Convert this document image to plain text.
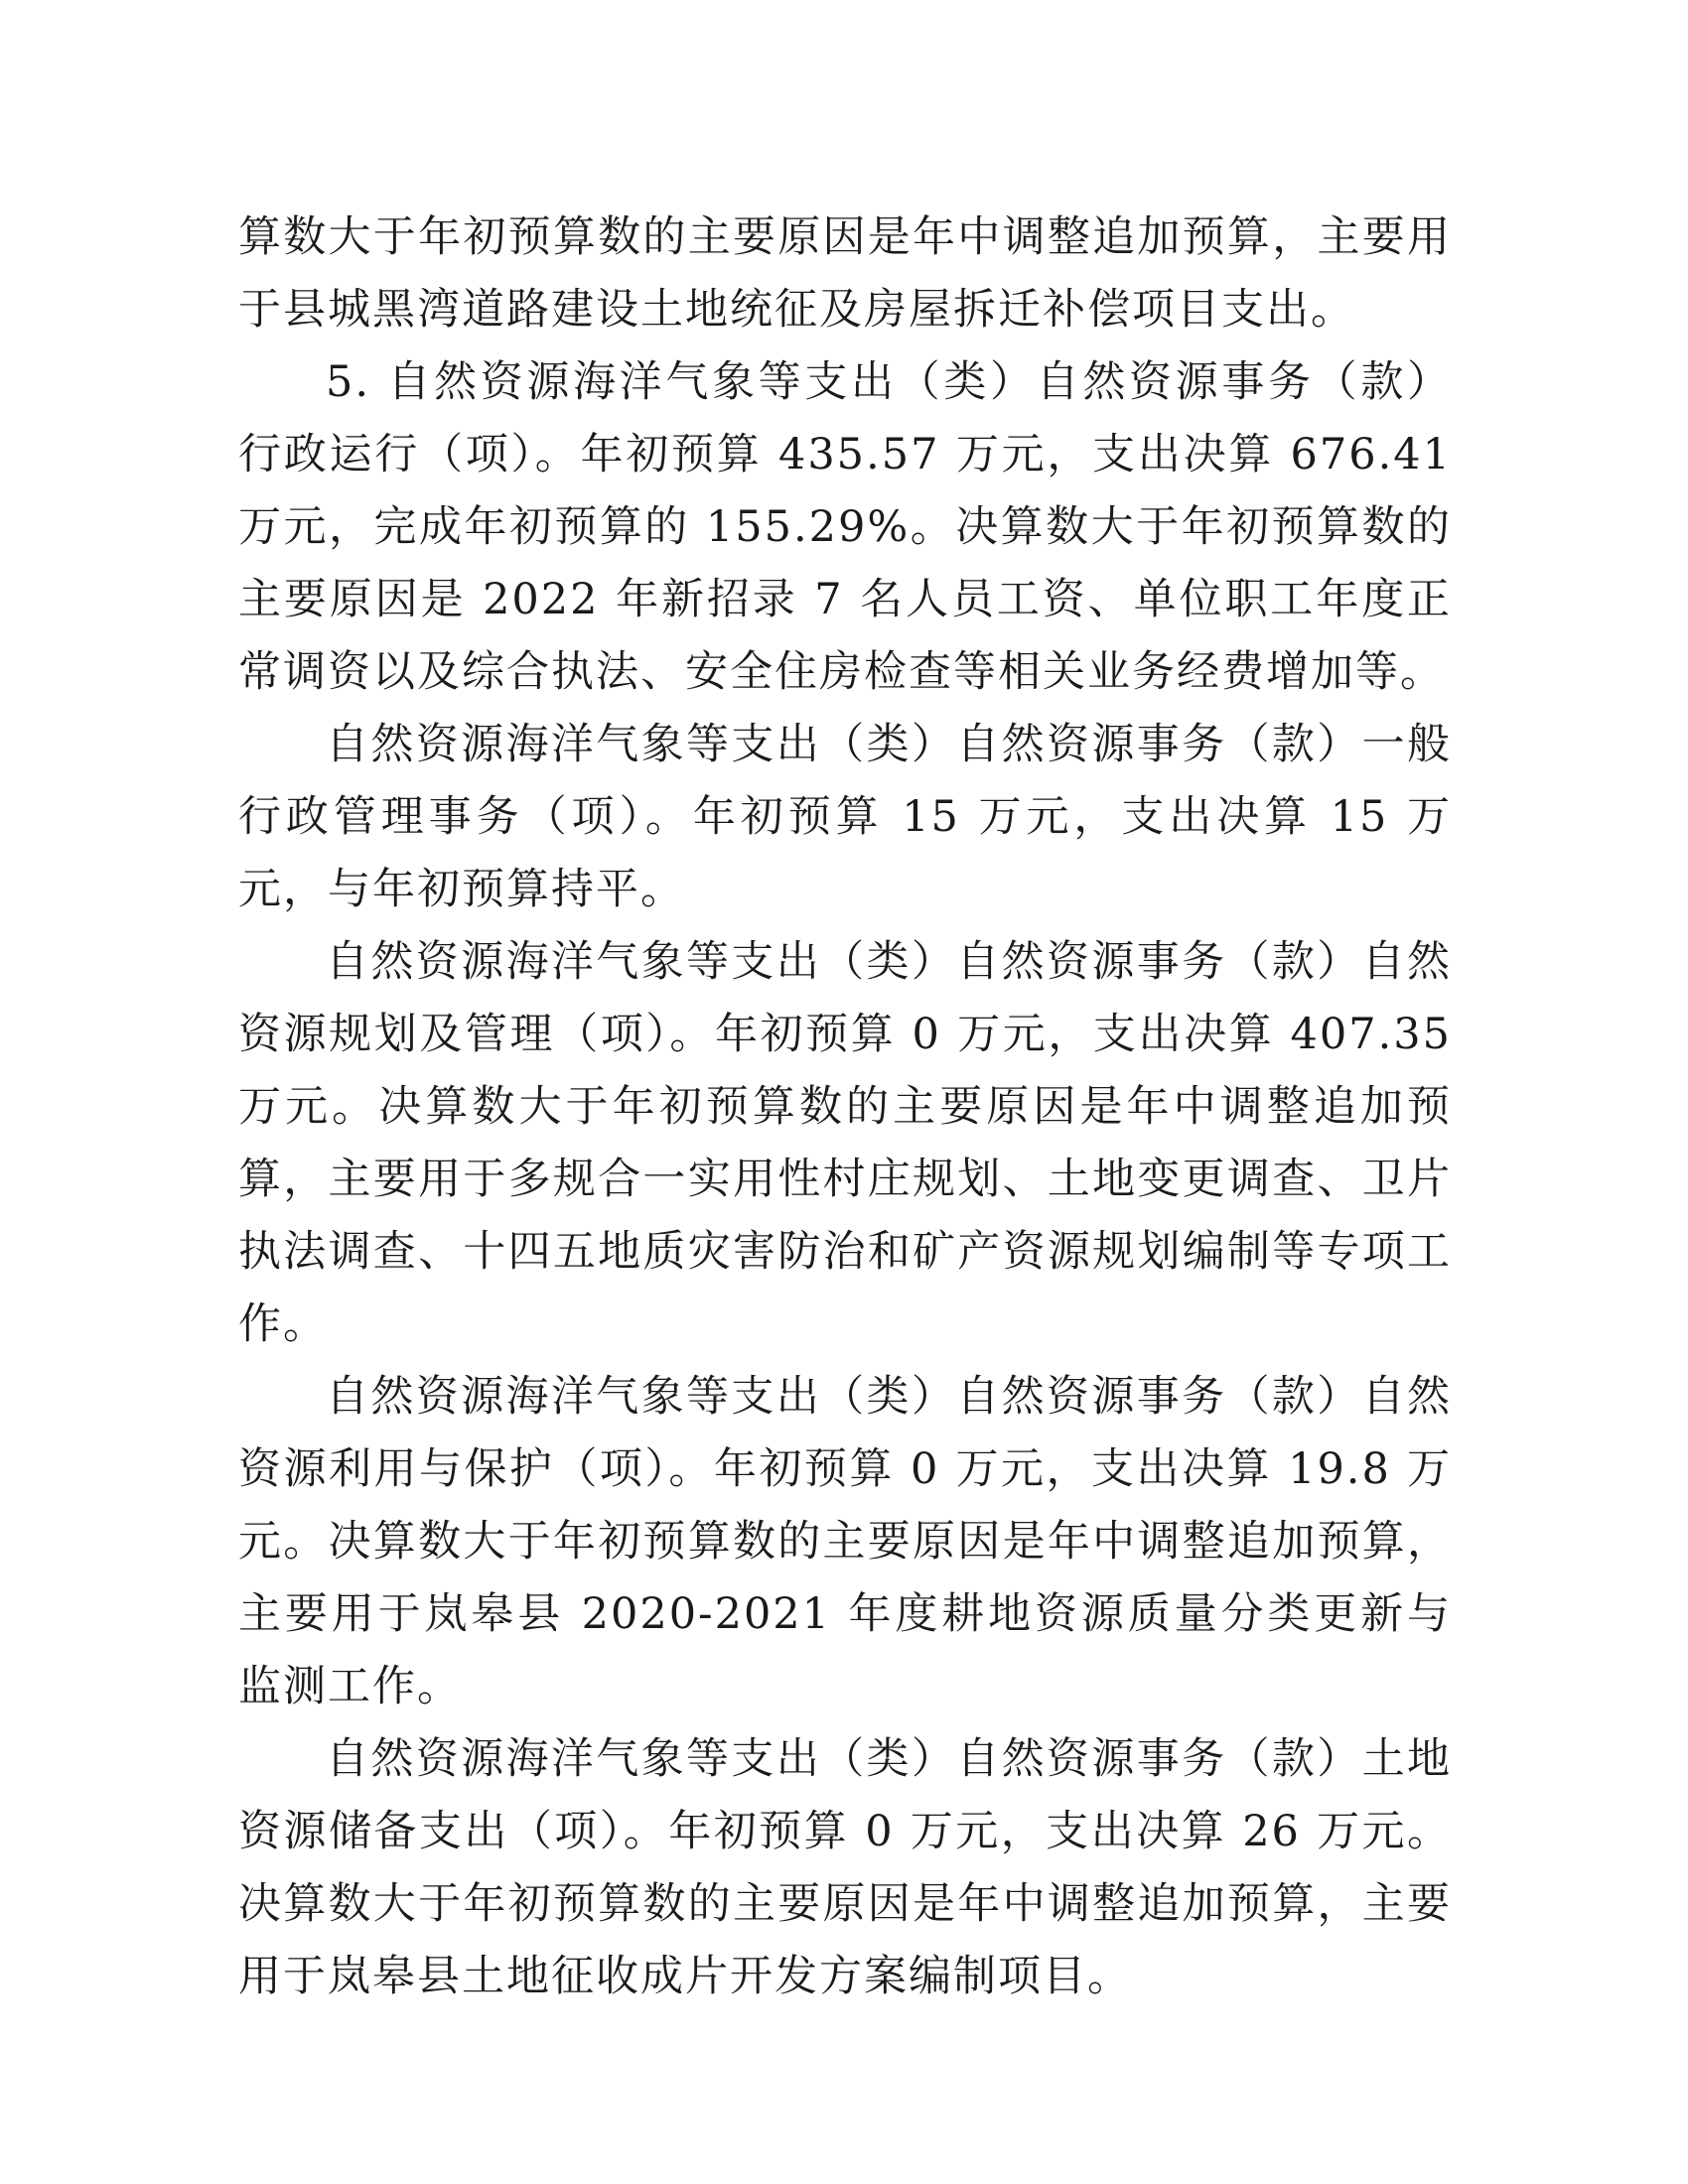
算数大于年初预算数的主要原因是年中调整追加预算，主要用于县城黑湾道路建设土地统征及房屋拆迁补偿项目支出。

5. 自然资源海洋气象等支出（类）自然资源事务（款）行政运行（项）。年初预算 435.57 万元，支出决算 676.41 万元，完成年初预算的 155.29%。决算数大于年初预算数的主要原因是 2022 年新招录 7 名人员工资、单位职工年度正常调资以及综合执法、安全住房检查等相关业务经费增加等。

自然资源海洋气象等支出（类）自然资源事务（款）一般行政管理事务（项）。年初预算 15 万元，支出决算 15 万元，与年初预算持平。

自然资源海洋气象等支出（类）自然资源事务（款）自然资源规划及管理（项）。年初预算 0 万元，支出决算 407.35 万元。决算数大于年初预算数的主要原因是年中调整追加预算，主要用于多规合一实用性村庄规划、土地变更调查、卫片执法调查、十四五地质灾害防治和矿产资源规划编制等专项工作。

自然资源海洋气象等支出（类）自然资源事务（款）自然资源利用与保护（项）。年初预算 0 万元，支出决算 19.8 万元。决算数大于年初预算数的主要原因是年中调整追加预算，主要用于岚皋县 2020-2021 年度耕地资源质量分类更新与监测工作。

自然资源海洋气象等支出（类）自然资源事务（款）土地资源储备支出（项）。年初预算 0 万元，支出决算 26 万元。决算数大于年初预算数的主要原因是年中调整追加预算，主要用于岚皋县土地征收成片开发方案编制项目。
